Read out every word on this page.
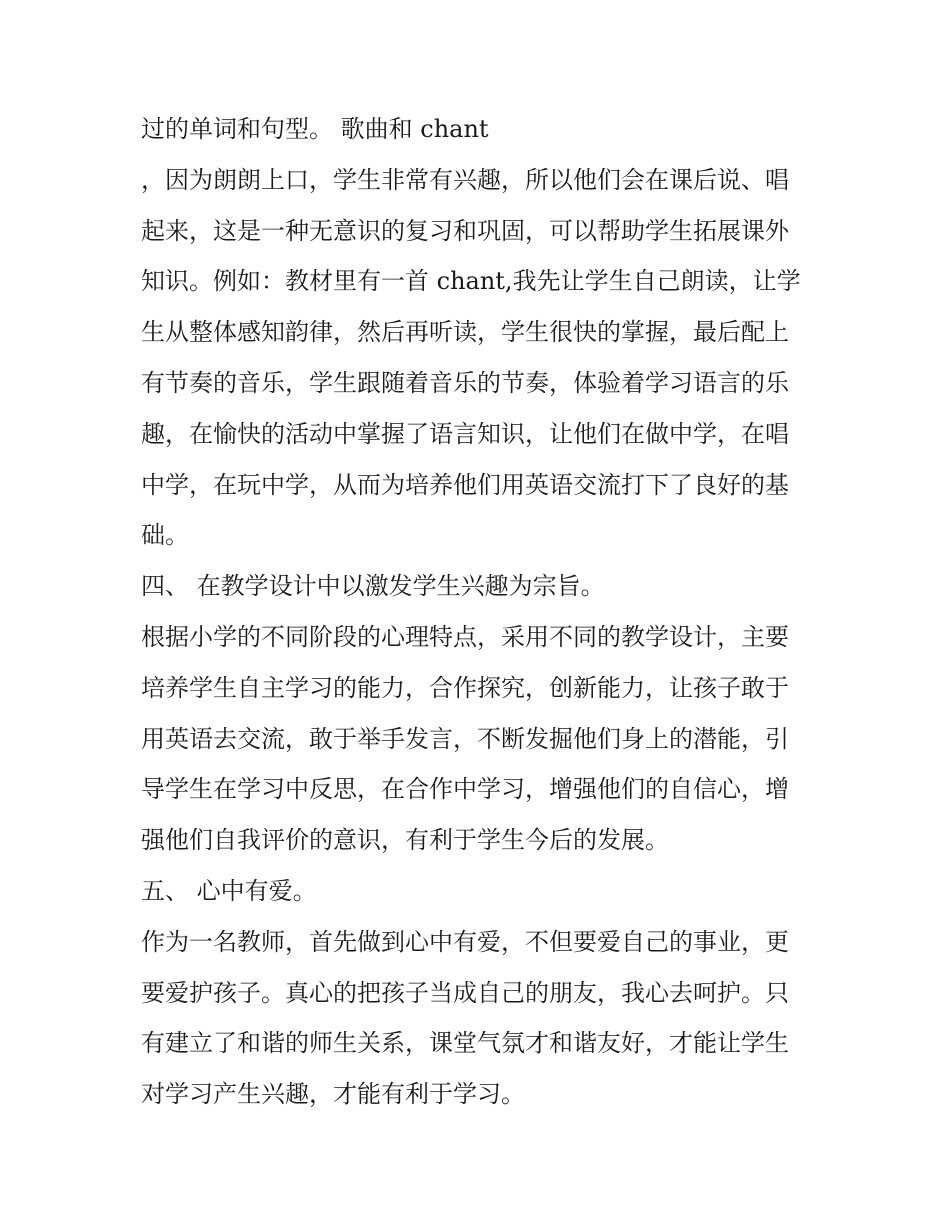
过的单词和句型。 歌曲和 chant
，因为朗朗上口，学生非常有兴趣，所以他们会在课后说、唱
起来，这是一种无意识的复习和巩固，可以帮助学生拓展课外
知识。例如：教材里有一首 chant,我先让学生自己朗读，让学
生从整体感知韵律，然后再听读，学生很快的掌握，最后配上
有节奏的音乐，学生跟随着音乐的节奏，体验着学习语言的乐
趣，在愉快的活动中掌握了语言知识，让他们在做中学，在唱
中学，在玩中学，从而为培养他们用英语交流打下了良好的基
础。
四、 在教学设计中以激发学生兴趣为宗旨。
根据小学的不同阶段的心理特点，采用不同的教学设计，主要
培养学生自主学习的能力，合作探究，创新能力，让孩子敢于
用英语去交流，敢于举手发言，不断发掘他们身上的潜能，引
导学生在学习中反思，在合作中学习，增强他们的自信心，增
强他们自我评价的意识，有利于学生今后的发展。
五、 心中有爱。
作为一名教师，首先做到心中有爱，不但要爱自己的事业，更
要爱护孩子。真心的把孩子当成自己的朋友，我心去呵护。只
有建立了和谐的师生关系，课堂气氛才和谐友好，才能让学生
对学习产生兴趣，才能有利于学习。
